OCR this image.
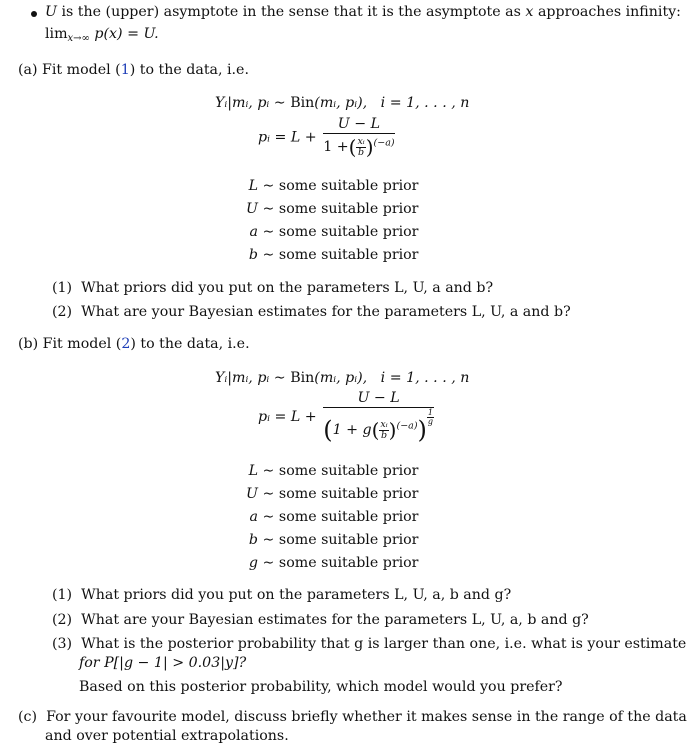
U is the (upper) asymptote in the sense that it is the asymptote as x approaches infinity:
$\lim_{x\to\infty} p(x) = U$.
(a) Fit model (1) to the data, i.e.
Yᵢ|mᵢ, pᵢ ∼ Bin(mᵢ, pᵢ), i = 1, . . . , n
pᵢ = $L + \frac{U - L}{1 +( \frac{\text{xᵢ}}{b} )^{(-a)}}$
L ∼ some suitable prior
U ∼ some suitable prior
a ∼ some suitable prior
b ∼ some suitable prior
(1) What priors did you put on the parameters L, U, a and b?
(2) What are your Bayesian estimates for the parameters L, U, a and b?
(b) Fit model (2) to the data, i.e.
Yᵢ|mᵢ, pᵢ ∼ Bin(mᵢ, pᵢ), i = 1, . . . , n
pᵢ = L + U − L
$(1 + g( \frac{\text{xᵢ}}{b} )^{(-a)})$ $^{\frac{1}{g}}$
L ∼ some suitable prior
U ∼ some suitable prior
a ∼ some suitable prior
b ∼ some suitable prior
g ∼ some suitable prior
(1) What priors did you put on the parameters L, U, a, b and g?
(2) What are your Bayesian estimates for the parameters L, U, a, b and g?
(3) What is the posterior probability that g is larger than one, i.e. what is your estimate
for P[|g − 1| > 0.03|y]?
Based on this posterior probability, which model would you prefer?
(c) For your favourite model, discuss briefly whether it makes sense in the range of the data
and over potential extrapolations.
